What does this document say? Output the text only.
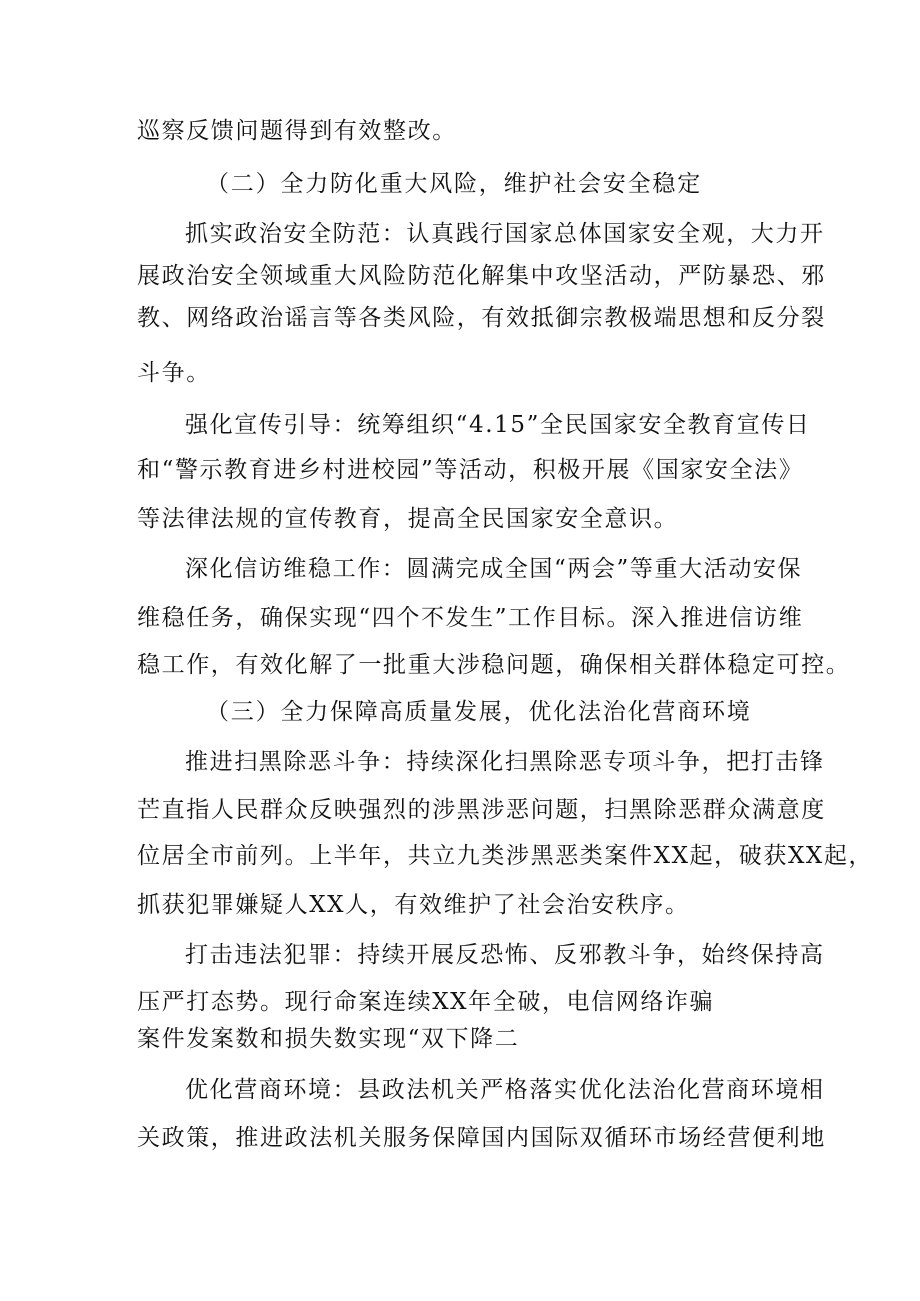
巡察反馈问题得到有效整改。
（二）全力防化重大风险，维护社会安全稳定
抓实政治安全防范：认真践行国家总体国家安全观，大力开
展政治安全领域重大风险防范化解集中攻坚活动，严防暴恐、邪
教、网络政治谣言等各类风险，有效抵御宗教极端思想和反分裂
斗争。
强化宣传引导：统筹组织“4.15”全民国家安全教育宣传日
和“警示教育进乡村进校园”等活动，积极开展《国家安全法》
等法律法规的宣传教育，提高全民国家安全意识。
深化信访维稳工作：圆满完成全国“两会”等重大活动安保
维稳任务，确保实现“四个不发生”工作目标。深入推进信访维
稳工作，有效化解了一批重大涉稳问题，确保相关群体稳定可控。
（三）全力保障高质量发展，优化法治化营商环境
推进扫黑除恶斗争：持续深化扫黑除恶专项斗争，把打击锋
芒直指人民群众反映强烈的涉黑涉恶问题，扫黑除恶群众满意度
位居全市前列。上半年，共立九类涉黑恶类案件XX起，破获XX起，
抓获犯罪嫌疑人XX人，有效维护了社会治安秩序。
打击违法犯罪：持续开展反恐怖、反邪教斗争，始终保持高
压严打态势。现行命案连续XX年全破，电信网络诈骗
案件发案数和损失数实现“双下降二
优化营商环境：县政法机关严格落实优化法治化营商环境相
关政策，推进政法机关服务保障国内国际双循环市场经营便利地
